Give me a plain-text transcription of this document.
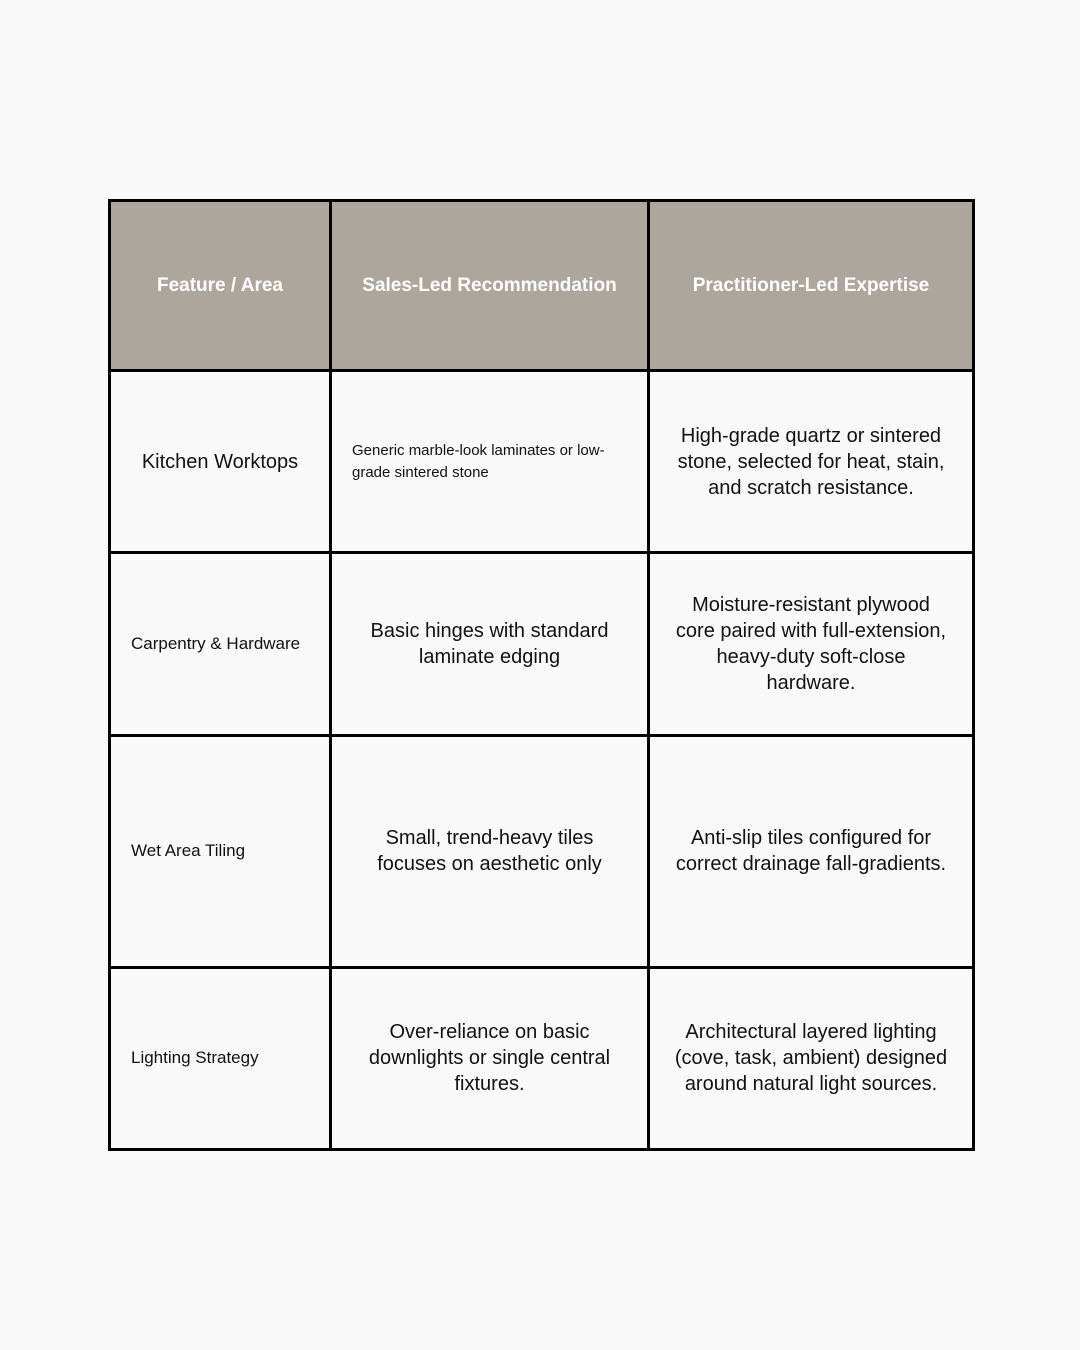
Feature / Area	Sales-Led Recommendation	Practitioner-Led Expertise
Kitchen Worktops	Generic marble-look laminates or low-grade sintered stone	High-grade quartz or sintered stone, selected for heat, stain, and scratch resistance.
Carpentry & Hardware	Basic hinges with standard laminate edging	Moisture-resistant plywood core paired with full-extension, heavy-duty soft-close hardware.
Wet Area Tiling	Small, trend-heavy tiles focuses on aesthetic only	Anti-slip tiles configured for correct drainage fall-gradients.
Lighting Strategy	Over-reliance on basic downlights or single central fixtures.	Architectural layered lighting (cove, task, ambient) designed around natural light sources.
